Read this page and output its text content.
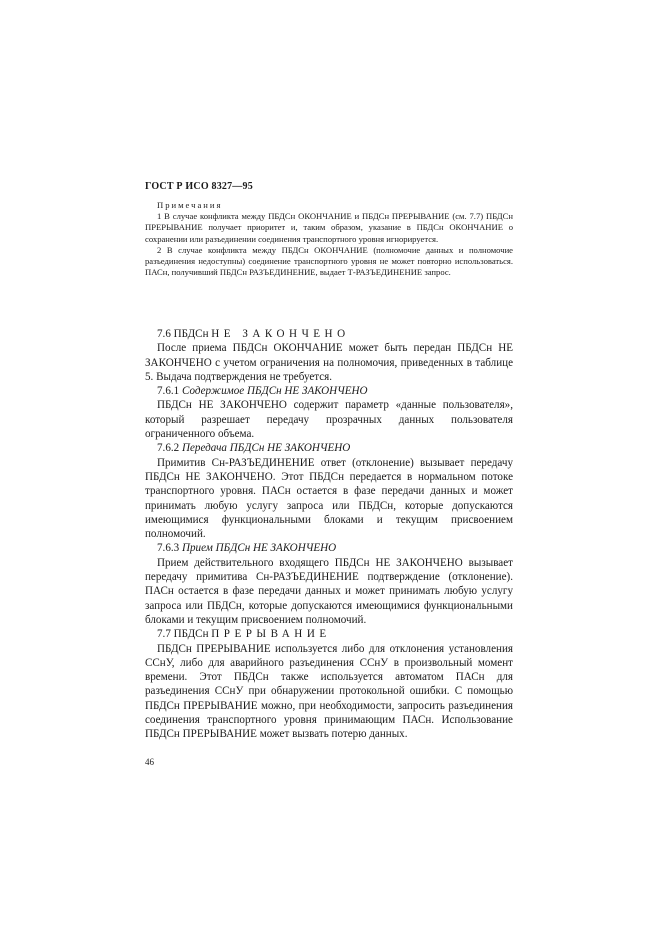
ГОСТ Р ИСО 8327—95

Примечания

1 В случае конфликта между ПБДСн ОКОНЧАНИЕ и ПБДСн ПРЕРЫВАНИЕ (см. 7.7) ПБДСн ПРЕРЫВАНИЕ получает приоритет и, таким образом, указание в ПБДСн ОКОНЧАНИЕ о сохранении или разъединении соединения транспортного уровня игнорируется.

2 В случае конфликта между ПБДСн ОКОНЧАНИЕ (полномочие данных и полномочие разъединения недоступны) соединение транспортного уровня не может повторно использоваться. ПАСн, получивший ПБДСн РАЗЪЕДИНЕНИЕ, выдает Т-РАЗЪЕДИНЕНИЕ запрос.

7.6 ПБДСн НЕ ЗАКОНЧЕНО

После приема ПБДСн ОКОНЧАНИЕ может быть передан ПБДСн НЕ ЗАКОНЧЕНО с учетом ограничения на полномочия, приведенных в таблице 5. Выдача подтверждения не требуется.

7.6.1 Содержимое ПБДСн НЕ ЗАКОНЧЕНО

ПБДСн НЕ ЗАКОНЧЕНО содержит параметр «данные пользователя», который разрешает передачу прозрачных данных пользователя ограниченного объема.

7.6.2 Передача ПБДСн НЕ ЗАКОНЧЕНО

Примитив Сн-РАЗЪЕДИНЕНИЕ ответ (отклонение) вызывает передачу ПБДСн НЕ ЗАКОНЧЕНО. Этот ПБДСн передается в нормальном потоке транспортного уровня. ПАСн остается в фазе передачи данных и может принимать любую услугу запроса или ПБДСн, которые допускаются имеющимися функциональными блоками и текущим присвоением полномочий.

7.6.3 Прием ПБДСн НЕ ЗАКОНЧЕНО

Прием действительного входящего ПБДСн НЕ ЗАКОНЧЕНО вызывает передачу примитива Сн-РАЗЪЕДИНЕНИЕ подтверждение (отклонение). ПАСн остается в фазе передачи данных и может принимать любую услугу запроса или ПБДСн, которые допускаются имеющимися функциональными блоками и текущим присвоением полномочий.

7.7 ПБДСн ПРЕРЫВАНИЕ

ПБДСн ПРЕРЫВАНИЕ используется либо для отклонения установления ССнУ, либо для аварийного разъединения ССнУ в произвольный момент времени. Этот ПБДСн также используется автоматом ПАСн для разъединения ССнУ при обнаружении протокольной ошибки. С помощью ПБДСн ПРЕРЫВАНИЕ можно, при необходимости, запросить разъединения соединения транспортного уровня принимающим ПАСн. Использование ПБДСн ПРЕРЫВАНИЕ может вызвать потерю данных.

46
